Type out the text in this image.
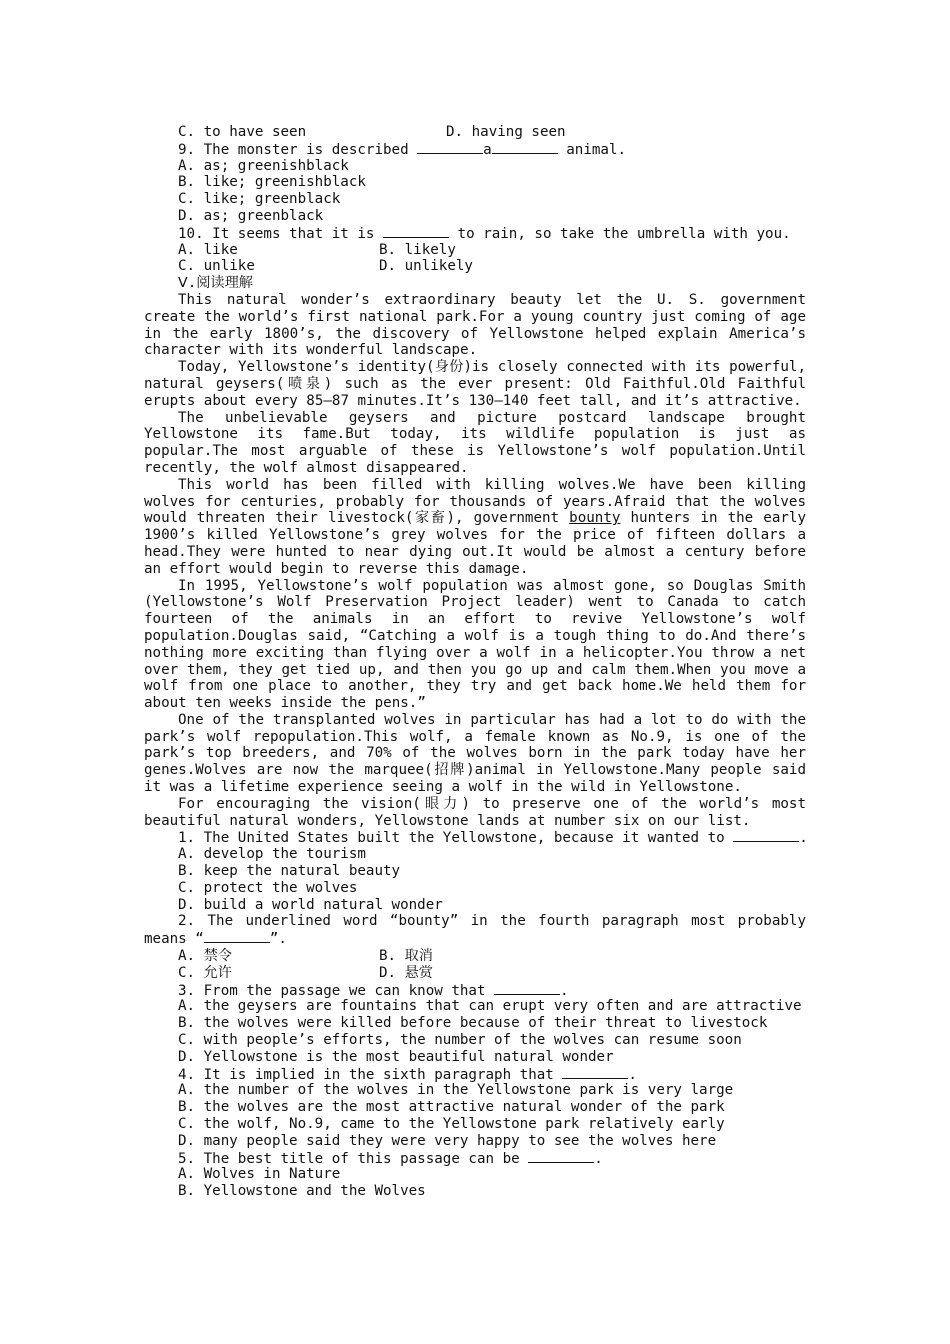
C. to have seen	D. having seen
9. The monster is described	a	animal.
A. as; greenishblack
B. like; greenishblack
C. like; greenblack
D. as; greenblack
10. It seems that it is	to rain, so take the umbrella with you.
A. like	B. likely
C. unlike	D. unlikely
Ⅴ.阅读理解
This natural wonder’s extraordinary beauty let the U. S. government create the world’s first national park.For a young country just coming of age in the early 1800’s, the discovery of Yellowstone helped explain America’s character with its wonderful landscape.
Today, Yellowstone’s identity(身份)is closely connected with its powerful, natural geysers(喷泉) such as the ever present: Old Faithful.Old Faithful erupts about every 85—87 minutes.It’s 130—140 feet tall, and it’s attractive.
The unbelievable geysers and picture postcard landscape brought Yellowstone its fame.But today, its wildlife population is just as popular.The most arguable of these is Yellowstone’s wolf population.Until recently, the wolf almost disappeared.
This world has been filled with killing wolves.We have been killing wolves for centuries, probably for thousands of years.Afraid that the wolves would threaten their livestock(家畜), government bounty hunters in the early 1900’s killed Yellowstone’s grey wolves for the price of fifteen dollars a head.They were hunted to near dying out.It would be almost a century before an effort would begin to reverse this damage.
In 1995, Yellowstone’s wolf population was almost gone, so Douglas Smith (Yellowstone’s Wolf Preservation Project leader) went to Canada to catch fourteen of the animals in an effort to revive Yellowstone’s wolf population.Douglas said, “Catching a wolf is a tough thing to do.And there’s nothing more exciting than flying over a wolf in a helicopter.You throw a net over them, they get tied up, and then you go up and calm them.When you move a wolf from one place to another, they try and get back home.We held them for about ten weeks inside the pens.”
One of the transplanted wolves in particular has had a lot to do with the park’s wolf repopulation.This wolf, a female known as No.9, is one of the park’s top breeders, and 70% of the wolves born in the park today have her genes.Wolves are now the marquee(招牌)animal in Yellowstone.Many people said it was a lifetime experience seeing a wolf in the wild in Yellowstone.
For encouraging the vision(眼力) to preserve one of the world’s most beautiful natural wonders, Yellowstone lands at number six on our list.
1. The United States built the Yellowstone, because it wanted to	.
A. develop the tourism
B. keep the natural beauty
C. protect the wolves
D. build a world natural wonder
2. The underlined word “bounty” in the fourth paragraph most probably means “	”.
A. 禁令	B. 取消
C. 允许	D. 悬赏
3. From the passage we can know that	.
A. the geysers are fountains that can erupt very often and are attractive
B. the wolves were killed before because of their threat to livestock
C. with people’s efforts, the number of the wolves can resume soon
D. Yellowstone is the most beautiful natural wonder
4. It is implied in the sixth paragraph that	.
A. the number of the wolves in the Yellowstone park is very large
B. the wolves are the most attractive natural wonder of the park
C. the wolf, No.9, came to the Yellowstone park relatively early
D. many people said they were very happy to see the wolves here
5. The best title of this passage can be	.
A. Wolves in Nature
B. Yellowstone and the Wolves
